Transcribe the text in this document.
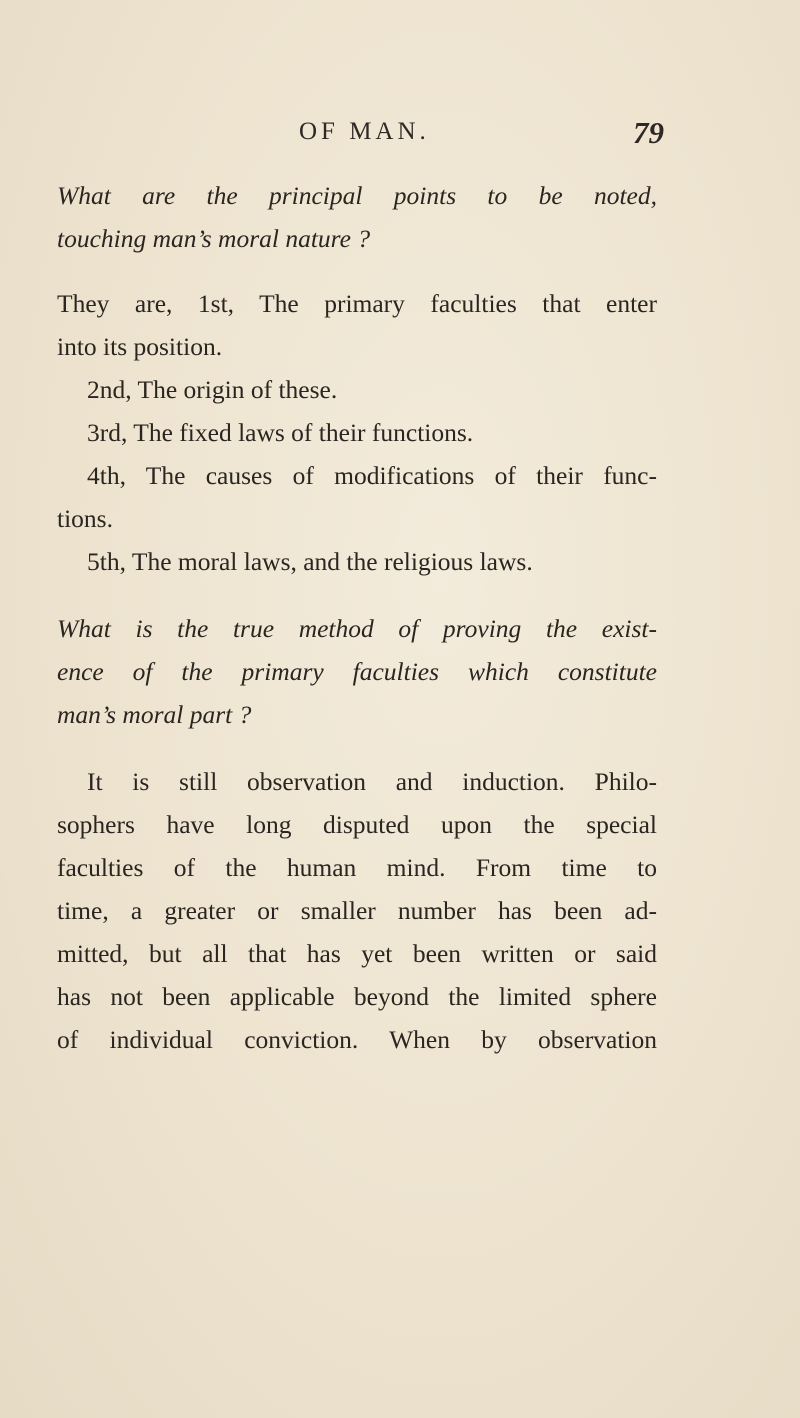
OF MAN.	79
What are the principal points to be noted,
touching man’s moral nature ?
They are, 1st, The primary faculties that enter
into its position.
2nd, The origin of these.
3rd, The fixed laws of their functions.
4th, The causes of modifications of their func-
tions.
5th, The moral laws, and the religious laws.
What is the true method of proving the exist-
ence of the primary faculties which constitute
man’s moral part ?
It is still observation and induction. Philo-
sophers have long disputed upon the special
faculties of the human mind. From time to
time, a greater or smaller number has been ad-
mitted, but all that has yet been written or said
has not been applicable beyond the limited sphere
of individual conviction. When by observation
